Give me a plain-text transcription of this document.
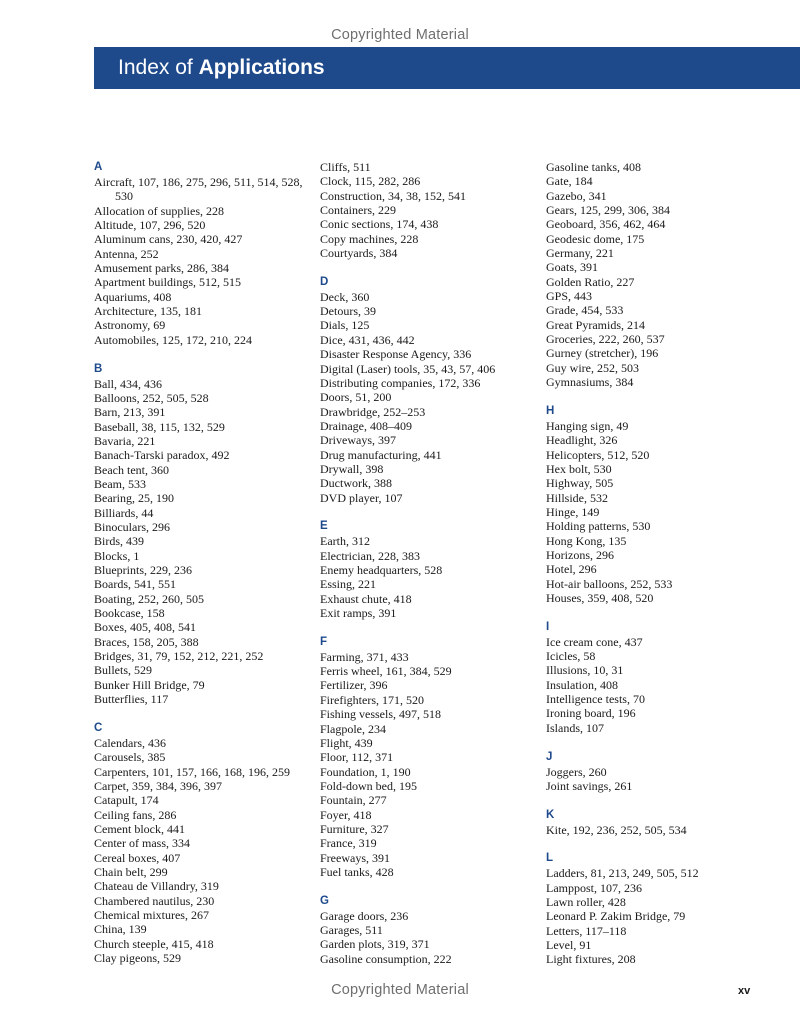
Copyrighted Material
Index of Applications
A
Aircraft, 107, 186, 275, 296, 511, 514, 528, 530
Allocation of supplies, 228
Altitude, 107, 296, 520
Aluminum cans, 230, 420, 427
Antenna, 252
Amusement parks, 286, 384
Apartment buildings, 512, 515
Aquariums, 408
Architecture, 135, 181
Astronomy, 69
Automobiles, 125, 172, 210, 224
B
Ball, 434, 436
Balloons, 252, 505, 528
Barn, 213, 391
Baseball, 38, 115, 132, 529
Bavaria, 221
Banach-Tarski paradox, 492
Beach tent, 360
Beam, 533
Bearing, 25, 190
Billiards, 44
Binoculars, 296
Birds, 439
Blocks, 1
Blueprints, 229, 236
Boards, 541, 551
Boating, 252, 260, 505
Bookcase, 158
Boxes, 405, 408, 541
Braces, 158, 205, 388
Bridges, 31, 79, 152, 212, 221, 252
Bullets, 529
Bunker Hill Bridge, 79
Butterflies, 117
C
Calendars, 436
Carousels, 385
Carpenters, 101, 157, 166, 168, 196, 259
Carpet, 359, 384, 396, 397
Catapult, 174
Ceiling fans, 286
Cement block, 441
Center of mass, 334
Cereal boxes, 407
Chain belt, 299
Chateau de Villandry, 319
Chambered nautilus, 230
Chemical mixtures, 267
China, 139
Church steeple, 415, 418
Clay pigeons, 529
Cliffs, 511
Clock, 115, 282, 286
Construction, 34, 38, 152, 541
Containers, 229
Conic sections, 174, 438
Copy machines, 228
Courtyards, 384
D
Deck, 360
Detours, 39
Dials, 125
Dice, 431, 436, 442
Disaster Response Agency, 336
Digital (Laser) tools, 35, 43, 57, 406
Distributing companies, 172, 336
Doors, 51, 200
Drawbridge, 252–253
Drainage, 408–409
Driveways, 397
Drug manufacturing, 441
Drywall, 398
Ductwork, 388
DVD player, 107
E
Earth, 312
Electrician, 228, 383
Enemy headquarters, 528
Essing, 221
Exhaust chute, 418
Exit ramps, 391
F
Farming, 371, 433
Ferris wheel, 161, 384, 529
Fertilizer, 396
Firefighters, 171, 520
Fishing vessels, 497, 518
Flagpole, 234
Flight, 439
Floor, 112, 371
Foundation, 1, 190
Fold-down bed, 195
Fountain, 277
Foyer, 418
Furniture, 327
France, 319
Freeways, 391
Fuel tanks, 428
G
Garage doors, 236
Garages, 511
Garden plots, 319, 371
Gasoline consumption, 222
Gasoline tanks, 408
Gate, 184
Gazebo, 341
Gears, 125, 299, 306, 384
Geoboard, 356, 462, 464
Geodesic dome, 175
Germany, 221
Goats, 391
Golden Ratio, 227
GPS, 443
Grade, 454, 533
Great Pyramids, 214
Groceries, 222, 260, 537
Gurney (stretcher), 196
Guy wire, 252, 503
Gymnasiums, 384
H
Hanging sign, 49
Headlight, 326
Helicopters, 512, 520
Hex bolt, 530
Highway, 505
Hillside, 532
Hinge, 149
Holding patterns, 530
Hong Kong, 135
Horizons, 296
Hotel, 296
Hot-air balloons, 252, 533
Houses, 359, 408, 520
I
Ice cream cone, 437
Icicles, 58
Illusions, 10, 31
Insulation, 408
Intelligence tests, 70
Ironing board, 196
Islands, 107
J
Joggers, 260
Joint savings, 261
K
Kite, 192, 236, 252, 505, 534
L
Ladders, 81, 213, 249, 505, 512
Lamppost, 107, 236
Lawn roller, 428
Leonard P. Zakim Bridge, 79
Letters, 117–118
Level, 91
Light fixtures, 208
Copyrighted Material	xv
